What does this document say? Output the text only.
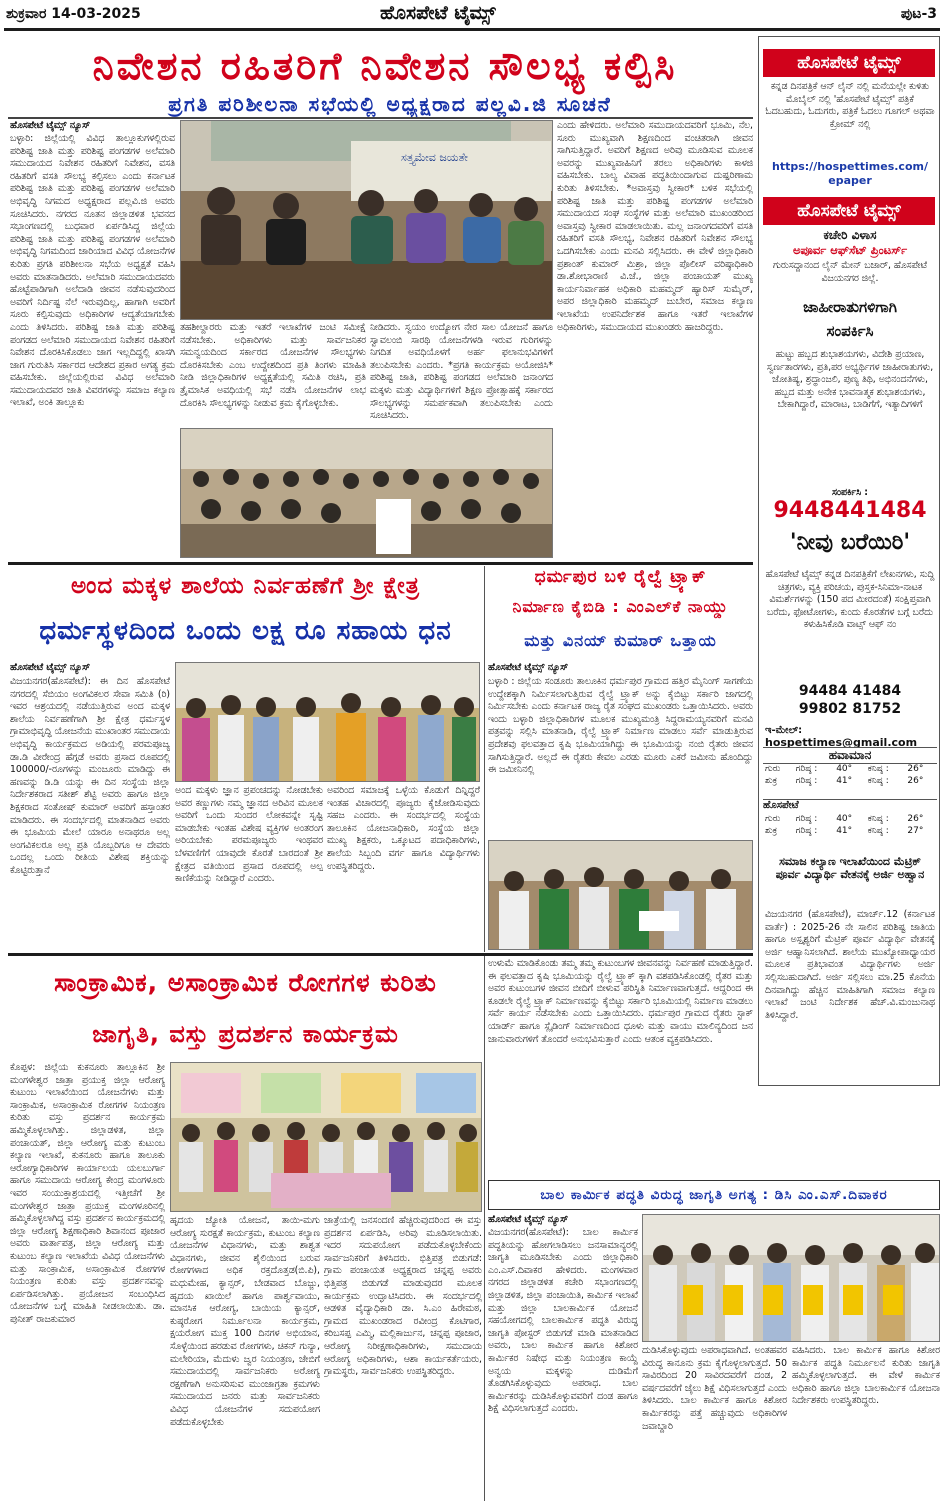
ಶುಕ್ರವಾರ 14-03-2025	ಹೊಸಪೇಟೆ ಟೈಮ್ಸ್	ಪುಟ-3
ನಿವೇಶನ ರಹಿತರಿಗೆ ನಿವೇಶನ ಸೌಲಭ್ಯ ಕಲ್ಪಿಸಿ
ಪ್ರಗತಿ ಪರಿಶೀಲನಾ ಸಭೆಯಲ್ಲಿ ಅಧ್ಯಕ್ಷರಾದ ಪಲ್ಲವಿ.ಜಿ ಸೂಚನೆ
ಹೊಸಪೇಟೆ ಟೈಮ್ಸ್ ನ್ಯೂಸ್
ಬಳ್ಳಾರಿ: ಜಿಲ್ಲೆಯಲ್ಲಿ ವಿವಿಧ ತಾಲ್ಲೂಕುಗಳಲ್ಲಿರುವ ಪರಿಶಿಷ್ಟ ಜಾತಿ ಮತ್ತು ಪರಿಶಿಷ್ಟ ಪಂಗಡಗಳ ಅಲೆಮಾರಿ ಸಮುದಾಯದ ನಿವೇಶನ ರಹಿತರಿಗೆ ನಿವೇಶನ, ವಸತಿ ರಹಿತರಿಗೆ ವಸತಿ ಸೌಲಭ್ಯ ಕಲ್ಪಿಸಲು ಎಂದು ಕರ್ನಾಟಕ ಪರಿಶಿಷ್ಟ ಜಾತಿ ಮತ್ತು ಪರಿಶಿಷ್ಟ ಪಂಗಡಗಳ ಅಲೆಮಾರಿ ಅಭಿವೃದ್ಧಿ ನಿಗಮದ ಅಧ್ಯಕ್ಷರಾದ ಪಲ್ಲವಿ.ಜಿ ಅವರು ಸೂಚಿಸಿದರು. ನಗರದ ನೂತನ ಜಿಲ್ಲಾಡಳಿತ ಭವನದ ಸಭಾಂಗಣದಲ್ಲಿ ಬುಧವಾರ ಏರ್ಪಡಿಸಿದ್ದ ಜಿಲ್ಲೆಯ ಪರಿಶಿಷ್ಟ ಜಾತಿ ಮತ್ತು ಪರಿಶಿಷ್ಟ ಪಂಗಡಗಳ ಅಲೆಮಾರಿ ಅಭಿವೃದ್ಧಿ ನಿಗಮದಿಂದ ಜಾರಿಯಾದ ವಿವಿಧ ಯೋಜನೆಗಳ ಕುರಿತು ಪ್ರಗತಿ ಪರಿಶೀಲನಾ ಸಭೆಯ ಅಧ್ಯಕ್ಷತೆ ವಹಿಸಿ ಅವರು ಮಾತನಾಡಿದರು. ಅಲೆಮಾರಿ ಸಮುದಾಯದವರು ಹೊಟ್ಟೆಪಾಡಿಗಾಗಿ ಅಲೆದಾಡಿ ಜೀವನ ನಡೆಸುವುದರಿಂದ ಅವರಿಗೆ ನಿರ್ದಿಷ್ಟ ನೆಲೆ ಇರುವುದಿಲ್ಲ, ಹಾಗಾಗಿ ಅವರಿಗೆ ಸೂರು ಕಲ್ಪಿಸುವುದು ಅಧಿಕಾರಿಗಳ ಆದ್ಯತೆಯಾಗಬೇಕು ಎಂದು ತಿಳಿಸಿದರು. ಪರಿಶಿಷ್ಟ ಜಾತಿ ಮತ್ತು ಪರಿಶಿಷ್ಟ ಪಂಗಡದ ಅಲೆಮಾರಿ ಸಮುದಾಯದ ನಿವೇಶನ ರಹಿತರಿಗೆ ನಿವೇಶನ ದೊರಕಿಸಿಕೊಡಲು ಜಾಗ ಇಲ್ಲದಿದ್ದಲ್ಲಿ ಖಾಸಗಿ ಜಾಗ ಗುರುತಿಸಿ ಸರ್ಕಾರದ ಆದೇಶದ ಪ್ರಕಾರ ಅಗತ್ಯ ಕ್ರಮ ವಹಿಸಬೇಕು. ಜಿಲ್ಲೆಯಲ್ಲಿರುವ ವಿವಿಧ ಅಲೆಮಾರಿ ಸಮುದಾಯದವರ ಜಾತಿ ವಿವರಗಳನ್ನು ಸಮಾಜ ಕಲ್ಯಾಣ ಇಲಾಖೆ, ಅಂಕಿ ತಾಲ್ಲೂಕು
ಸತ್ತ್ಯಮೇವ ಜಯತೇ
ತಹಶೀಲ್ದಾರರು ಮತ್ತು ಇತರೆ ಇಲಾಖೆಗಳ ಜಂಟಿ ಸಮೀಕ್ಷೆ ನಡೆಸಬೇಕು. ಅಧಿಕಾರಿಗಳು ಮತ್ತು ಸಾರ್ವಜನಿಕರ ಸಮನ್ವಯದಿಂದ ಸರ್ಕಾರದ ಯೋಜನೆಗಳ ಸೌಲಭ್ಯಗಳು ದೊರಕಿಸಬೇಕು ಎಂಬ ಉದ್ದೇಶದಿಂದ ಪ್ರತಿ ತಿಂಗಳು ಮಾಹಿತಿ ನೀಡಿ ಜಿಲ್ಲಾಧಿಕಾರಿಗಳ ಅಧ್ಯಕ್ಷತೆಯಲ್ಲಿ ಸಮಿತಿ ರಚಿಸಿ, ಪ್ರತಿ ತ್ರೈಮಾಸಿಕ ಅವಧಿಯಲ್ಲಿ ಸಭೆ ನಡೆಸಿ ಯೋಜನೆಗಳ ಲಾಭ ದೊರಕಿಸಿ ಸೌಲಭ್ಯಗಳನ್ನು ನೀಡುವ ಕ್ರಮ ಕೈಗೊಳ್ಳಬೇಕು.
ನೀಡಿದರು. ಸ್ವಯಂ ಉದ್ಯೋಗ ನೇರ ಸಾಲ ಯೋಜನೆ ಹಾಗೂ ಸ್ವಾವಲಂಬಿ ಸಾರಥಿ ಯೋಜನೆಗಳಡಿ ಇರುವ ಗುರಿಗಳನ್ನು ನಿಗದಿತ ಅವಧಿಯೊಳಗೆ ಅರ್ಹ ಫಲಾನುಭವಿಗಳಿಗೆ ತಲುಪಿಸಬೇಕು ಎಂದರು. *ಪ್ರಗತಿ ಕಾರ್ಯಕ್ರಮ ಅಯೋಜಿಸಿ* ಪರಿಶಿಷ್ಟ ಜಾತಿ, ಪರಿಶಿಷ್ಟ ಪಂಗಡದ ಅಲೆಮಾರಿ ಜನಾಂಗದ ಮಕ್ಕಳು ಮತ್ತು ವಿದ್ಯಾರ್ಥಿಗಳಿಗೆ ಶಿಕ್ಷಣ ಪ್ರೋತ್ಸಾಹಕ್ಕೆ ಸರ್ಕಾರದ ಸೌಲಭ್ಯಗಳನ್ನು ಸಮರ್ಪಕವಾಗಿ ತಲುಪಿಸಬೇಕು ಎಂದು ಸೂಚಿಸಿದರು.
ಎಂದು ಹೇಳಿದರು. ಅಲೆಮಾರಿ ಸಮುದಾಯದವರಿಗೆ ಭೂಮಿ, ನೆಲ, ಸೂರು ಮುಖ್ಯವಾಗಿ ಶಿಕ್ಷಣದಿಂದ ವಂಚಿತರಾಗಿ ಜೀವನ ಸಾಗಿಸುತ್ತಿದ್ದಾರೆ. ಅವರಿಗೆ ಶಿಕ್ಷಣದ ಅರಿವು ಮೂಡಿಸುವ ಮೂಲಕ ಅವರನ್ನು ಮುಖ್ಯವಾಹಿನಿಗೆ ತರಲು ಅಧಿಕಾರಿಗಳು ಕಾಳಜಿ ವಹಿಸಬೇಕು. ಬಾಲ್ಯ ವಿವಾಹ ಪದ್ಧತಿಯಿಂದಾಗುವ ದುಷ್ಪರಿಣಾಮ ಕುರಿತು ತಿಳಿಸಬೇಕು. *ಅವಾಸ್ತವು ಸ್ವೀಕಾರ* ಬಳಿಕ ಸಭೆಯಲ್ಲಿ ಪರಿಶಿಷ್ಟ ಜಾತಿ ಮತ್ತು ಪರಿಶಿಷ್ಟ ಪಂಗಡಗಳ ಅಲೆಮಾರಿ ಸಮುದಾಯದ ಸಂಘ ಸಂಸ್ಥೆಗಳ ಮತ್ತು ಅಲೆಮಾರಿ ಮುಖಂಡರಿಂದ ಅವಾಸ್ತವು ಸ್ವೀಕಾರ ಮಾಡಲಾಯಿತು. ಮಲ್ಲ ಜನಾಂಗದವರಿಗೆ ವಸತಿ ರಹಿತರಿಗೆ ವಸತಿ ಸೌಲಭ್ಯ, ನಿವೇಶನ ರಹಿತರಿಗೆ ನಿವೇಶನ ಸೌಲಭ್ಯ ಒದಗಿಸಬೇಕು ಎಂದು ಮನವಿ ಸಲ್ಲಿಸಿದರು. ಈ ವೇಳೆ ಜಿಲ್ಲಾಧಿಕಾರಿ ಪ್ರಶಾಂತ್ ಕುಮಾರ್ ಮಿಶ್ರಾ, ಜಿಲ್ಲಾ ಪೊಲೀಸ್ ವರಿಷ್ಠಾಧಿಕಾರಿ ಡಾ.ಶೋಭಾರಾಣಿ ವಿ.ಜೆ., ಜಿಲ್ಲಾ ಪಂಚಾಯತ್ ಮುಖ್ಯ ಕಾರ್ಯನಿರ್ವಾಹಕ ಅಧಿಕಾರಿ ಮಹಮ್ಮದ್ ಹ್ಯಾರಿಸ್ ಸುಮೈರ್, ಅಪರ ಜಿಲ್ಲಾಧಿಕಾರಿ ಮಹಮ್ಮದ್ ಜುಬೇರ, ಸಮಾಜ ಕಲ್ಯಾಣ ಇಲಾಖೆಯ ಉಪನಿರ್ದೇಶಕ ಹಾಗೂ ಇತರೆ ಇಲಾಖೆಗಳ ಅಧಿಕಾರಿಗಳು, ಸಮುದಾಯದ ಮುಖಂಡರು ಹಾಜರಿದ್ದರು.
ಹೊಸಪೇಟೆ ಟೈಮ್ಸ್
ಕನ್ನಡ ದಿನಪತ್ರಿಕೆ ಆನ್ ಲೈನ್ ನಲ್ಲಿ ಮನೆಯಲ್ಲೇ ಕುಳಿತು ಮೊಬೈಲ್ ನಲ್ಲಿ 'ಹೊಸಪೇಟೆ ಟೈಮ್ಸ್' ಪತ್ರಿಕೆ ಓದಬಹುದು, ಓದುಗರು, ಪತ್ರಿಕೆ ಓದಲು ಗೂಗಲ್ ಅಥವಾ ಕ್ರೋಮ್ ನಲ್ಲಿ
https://hospettimes.com/
epaper
ಹೊಸಪೇಟೆ ಟೈಮ್ಸ್
ಕಚೇರಿ ವಿಳಾಸ
ಅಪೂರ್ವ ಆಫ್‌ಸೆಟ್ ಪ್ರಿಂಟರ್ಸ್
ಗುರುಸದ್ದಾನಂದ ಲೈನ್ ಮೇನ್ ಬಜಾರ್, ಹೊಸಪೇಟೆ ವಿಜಯನಗರ ಜಿಲ್ಲೆ.
ಜಾಹೀರಾತುಗಳಿಗಾಗಿ
ಸಂಪರ್ಕಿಸಿ
ಹುಟ್ಟು ಹಬ್ಬದ ಶುಭಾಶಯಗಳು, ವಿದೇಶಿ ಪ್ರಯಾಣ, ಸ್ವರ್ಣತಾರಗಳು, ಪ್ರತಿ,ಪರ ಅಭ್ಯರ್ಥಿಗಳ ಜಾಹೀರಾತುಗಳು, ಜೋತಿಷ್ಯ, ಶ್ರದ್ಧಾಂಜಲಿ, ಪುಣ್ಯ ತಿಥಿ, ಅಭಿನಂದನೆಗಳು, ಹಬ್ಬದ ಮತ್ತು ಅನೇಕ ಭಾವನಾತ್ಮಕ ಶುಭಾಶಯಗಳು, ಬೇಕಾಗಿದ್ದಾರೆ, ಮಾರಾಟ, ಬಾಡಿಗೆಗೆ, ಇತ್ಯಾದಿಗಳಿಗೆ
ಸಂಪರ್ಕಿಸಿ :
9448441484
'ನೀವು ಬರೆಯಿರಿ'
ಹೊಸಪೇಟೆ ಟೈಮ್ಸ್ ಕನ್ನಡ ದಿನಪತ್ರಿಕೆಗೆ ಲೇಖನಗಳು, ಸುದ್ದಿ ಚಿತ್ರಗಳು, ವ್ಯಕ್ತಿ ಪರಿಚಯ, ಪುಸ್ತಕ-ಸಿನಿಮಾ-ನಾಟಕ ವಿಮರ್ಶೆಗಳನ್ನು (150 ಪದ ಮೀರದಂತೆ) ಸಂಕ್ಷಿಪ್ತವಾಗಿ ಬರೆದು, ಫೋಟೋಗಳು, ಕುಂದು ಕೊರತೆಗಳ ಬಗ್ಗೆ ಬರೆದು ಕಳುಹಿಸಿಕೊಡಿ ವಾಟ್ಸ್ ಆಫ್ ನಂ
94484 41484
99802 81752
ಇ-ಮೇಲ್: hospettimes@gmail.com
ಹವಾಮಾನ
ಗುರು	ಗರಿಷ್ಠ :	40°	ಕನಿಷ್ಠ :	26°
ಶುಕ್ರ	ಗರಿಷ್ಠ :	41°	ಕನಿಷ್ಠ :	26°
ಹೊಸಪೇಟೆ
ಗುರು	ಗರಿಷ್ಠ :	40°	ಕನಿಷ್ಠ :	26°
ಶುಕ್ರ	ಗರಿಷ್ಠ :	41°	ಕನಿಷ್ಠ :	27°
ಸಮಾಜ ಕಲ್ಯಾಣ ಇಲಾಖೆಯಿಂದ ಮೆಟ್ರಿಕ್ ಪೂರ್ವ ವಿದ್ಯಾರ್ಥಿ ವೇತನಕ್ಕೆ ಅರ್ಜಿ ಅಹ್ವಾನ
ವಿಜಯನಗರ (ಹೊಸಪೇಟೆ), ಮಾರ್ಚ್.12 (ಕರ್ನಾಟಕ ವಾರ್ತೆ) : 2025-26 ನೇ ಸಾಲಿನ ಪರಿಶಿಷ್ಟ ಜಾತಿಯ ಹಾಗೂ ಅಸ್ಪೃಶ್ಯರಿಗೆ ಮೆಟ್ರಿಕ್ ಪೂರ್ವ ವಿದ್ಯಾರ್ಥಿ ವೇತನಕ್ಕೆ ಅರ್ಜಿ ಆಹ್ವಾನಿಸಲಾಗಿದೆ. ಶಾಲೆಯ ಮುಖ್ಯೋಪಾಧ್ಯಾಯರ ಮೂಲಕ ಪ್ರತಿಭಾವಂತ ವಿದ್ಯಾರ್ಥಿಗಳು ಅರ್ಜಿ ಸಲ್ಲಿಸಬಹುದಾಗಿದೆ. ಅರ್ಜಿ ಸಲ್ಲಿಸಲು ಮಾ.25 ಕೊನೆಯ ದಿನವಾಗಿದ್ದು ಹೆಚ್ಚಿನ ಮಾಹಿತಿಗಾಗಿ ಸಮಾಜ ಕಲ್ಯಾಣ ಇಲಾಖೆ ಜಂಟಿ ನಿರ್ದೇಶಕ ಹೆಚ್.ವಿ.ಮಂಜುನಾಥ ತಿಳಿಸಿದ್ದಾರೆ.
ಅಂದ ಮಕ್ಕಳ ಶಾಲೆಯ ನಿರ್ವಹಣೆಗೆ ಶ್ರೀ ಕ್ಷೇತ್ರ
ಧರ್ಮಸ್ಥಳದಿಂದ ಒಂದು ಲಕ್ಷ ರೂ ಸಹಾಯ ಧನ
ಹೊಸಪೇಟೆ ಟೈಮ್ಸ್ ನ್ಯೂಸ್
ವಿಜಯನಗರ(ಹೊಸಪೇಟೆ): ಈ ದಿನ ಹೊಸಪೇಟೆ ನಗರದಲ್ಲಿ ಸೆಬಿಯಂ ಅಂಗವಿಕಲರ ಸೇವಾ ಸಮಿತಿ (ರಿ) ಇವರ ಆಶ್ರಯದಲ್ಲಿ ನಡೆಯುತ್ತಿರುವ ಅಂದ ಮಕ್ಕಳ ಶಾಲೆಯ ನಿರ್ವಹಣೆಗಾಗಿ ಶ್ರೀ ಕ್ಷೇತ್ರ ಧರ್ಮಸ್ಥಳ ಗ್ರಾಮಾಭಿವೃದ್ಧಿ ಯೋಜನೆಯ ಮುಖಾಂತರ ಸಮುದಾಯ ಅಭಿವೃದ್ಧಿ ಕಾರ್ಯಕ್ರಮದ ಅಡಿಯಲ್ಲಿ ಪರಮಪೂಜ್ಯ ಡಾ.ಡಿ ವೀರೇಂದ್ರ ಹೆಗ್ಗಡೆ ಅವರು ಪ್ರಸಾದ ರೂಪದಲ್ಲಿ 100000/-ರೂಗಳನ್ನು ಮಂಜೂರು ಮಾಡಿದ್ದು ಈ ಹಣವನ್ನು ಡಿ.ಡಿ ಯನ್ನು ಈ ದಿನ ಸಂಸ್ಥೆಯ ಜಿಲ್ಲಾ ನಿರ್ದೇಶಕರಾದ ಸತೀಶ್ ಶೆಟ್ಟಿ ಅವರು ಹಾಗೂ ಜಿಲ್ಲಾ ಶಿಕ್ಷಕರಾದ ಸಂತೋಷ್ ಕುಮಾರ್ ಅವರಿಗೆ ಹಸ್ತಾಂತರ ಮಾಡಿದರು. ಈ ಸಂದರ್ಭದಲ್ಲಿ ಮಾತನಾಡಿದ ಅವರು ಈ ಭೂಮಿಯ ಮೇಲೆ ಯಾರೂ ಅನಾಥರೂ ಅಲ್ಲ ಅಂಗವಿಕಲರೂ ಅಲ್ಲ ಪ್ರತಿ ಯೊಬ್ಬರಿಗೂ ಆ ದೇವರು ಒಂದಲ್ಲ ಒಂದು ರೀತಿಯ ವಿಶೇಷ ಶಕ್ತಿಯನ್ನು ಕೊಟ್ಟಿರುತ್ತಾನೆ
ಅಂದ ಮಕ್ಕಳು ಜ್ಞಾನ ಪ್ರಪಂಚದನ್ನು ನೋಡಬೇಕು ಅವರ ಕಣ್ಣುಗಳು ನಮ್ಮ ಜ್ಞಾನದ ಅರಿವಿನ ಮೂಲಕ ಅವರಿಗೆ ಒಂದು ಸುಂದರ ಲೋಕವನ್ನೇ ಸೃಷ್ಟಿ ಮಾಡಬೇಕು ಇಂತಹ ವಿಶೇಷ ವ್ಯಕ್ತಿಗಳ ಅಂತರಂಗ ಅರಿಯಬೇಕು ಪರಮಪೂಜ್ಯರು ಇಂಥವರ ಬೆಳವಣಿಗೆಗೆ ಯಾವುದೇ ಕೊರತೆ ಬಾರದಂತೆ ಶ್ರೀ ಕ್ಷೇತ್ರದ ವತಿಯಿಂದ ಪ್ರಸಾದ ರೂಪದಲ್ಲಿ ಅಲ್ಪ ಕಾಣಿಕೆಯನ್ನು ನೀಡಿದ್ದಾರೆ ಎಂದರು.
ಅವರಿಂದ ಸಮಾಜಕ್ಕೆ ಒಳ್ಳೆಯ ಕೊಡುಗೆ ದಿನ್ನಿದ್ದರೆ ಇಂತಹ ವಿಚಾರದಲ್ಲಿ ಪೂಜ್ಯರು ಕೈಜೋಡಿಸುವುದು ಸಹಜ ಎಂದರು. ಈ ಸಂದರ್ಭದಲ್ಲಿ ಸಂಸ್ಥೆಯ ತಾಲೂಕಿನ ಯೋಜನಾಧಿಕಾರಿ, ಸಂಸ್ಥೆಯ ಜಿಲ್ಲಾ ಮುಖ್ಯ ಶಿಕ್ಷಕರು, ಒಕ್ಕೂಟದ ಪದಾಧಿಕಾರಿಗಳು, ಶಾಲೆಯ ಸಿಬ್ಬಂದಿ ವರ್ಗ ಹಾಗೂ ವಿದ್ಯಾರ್ಥಿಗಳು ಉಪಸ್ಥಿತರಿದ್ದರು.
ಧರ್ಮಪುರ ಬಳಿ ರೈಲ್ವೆ ಟ್ರ್ಯಾಕ್
ನಿರ್ಮಾಣ ಕೈಬಿಡಿ : ಎಂಎಲ್‌ಕೆ ನಾಯ್ಡು
ಮತ್ತು ವಿನಯ್ ಕುಮಾರ್ ಒತ್ತಾಯ
ಹೊಸಪೇಟೆ ಟೈಮ್ಸ್ ನ್ಯೂಸ್
ಬಳ್ಳಾರಿ : ಜಿಲ್ಲೆಯ ಸಂಡೂರು ತಾಲೂಕಿನ ಧರ್ಮಪುರ ಗ್ರಾಮದ ಹತ್ತಿರ ಮೈನಿಂಗ್ ಸಾಗಣೆಯ ಉದ್ದೇಶಕ್ಕಾಗಿ ನಿರ್ಮಿಸಲಾಗುತ್ತಿರುವ ರೈಲ್ವೆ ಟ್ರ್ಯಾಕ್ ಅನ್ನು ಕೈಬಿಟ್ಟು ಸರ್ಕಾರಿ ಜಾಗದಲ್ಲಿ ನಿರ್ಮಿಸಬೇಕು ಎಂದು ಕರ್ನಾಟಕ ರಾಜ್ಯ ರೈತ ಸಂಘದ ಮುಖಂಡರು ಒತ್ತಾಯಿಸಿದರು. ಅವರು ಇಂದು ಬಳ್ಳಾರಿ ಜಿಲ್ಲಾಧಿಕಾರಿಗಳ ಮೂಲಕ ಮುಖ್ಯಮಂತ್ರಿ ಸಿದ್ದರಾಮಯ್ಯನವರಿಗೆ ಮನವಿ ಪತ್ರವನ್ನು ಸಲ್ಲಿಸಿ ಮಾತನಾಡಿ, ರೈಲ್ವೆ ಟ್ರ್ಯಾಕ್ ನಿರ್ಮಾಣ ಮಾಡಲು ಸರ್ವೆ ಮಾಡುತ್ತಿರುವ ಪ್ರದೇಶವು ಫಲವತ್ತಾದ ಕೃಷಿ ಭೂಮಿಯಾಗಿದ್ದು ಈ ಭೂಮಿಯನ್ನು ನಂಬಿ ರೈತರು ಜೀವನ ಸಾಗಿಸುತ್ತಿದ್ದಾರೆ. ಅಲ್ಲದೆ ಈ ರೈತರು ಕೇವಲ ಎರಡು ಮೂರು ಎಕರೆ ಜಮೀನು ಹೊಂದಿದ್ದು ಈ ಜಮೀನಿನಲ್ಲಿ
ಸಾಂಕ್ರಾಮಿಕ, ಅಸಾಂಕ್ರಾಮಿಕ ರೋಗಗಳ ಕುರಿತು
ಜಾಗೃತಿ, ವಸ್ತು ಪ್ರದರ್ಶನ ಕಾರ್ಯಕ್ರಮ
ಕೊಪ್ಪಳ: ಜಿಲ್ಲೆಯ ಕುಕನೂರು ತಾಲ್ಲೂಕಿನ ಶ್ರೀ ಮಂಗಳೇಶ್ವರ ಜಾತ್ರಾ ಪ್ರಯುಕ್ತ ಜಿಲ್ಲಾ ಆರೋಗ್ಯ ಕುಟುಂಬ ಇಲಾಖೆಯಿಂದ ಯೋಜನೆಗಳು ಮತ್ತು ಸಾಂಕ್ರಾಮಿಕ, ಅಸಾಂಕ್ರಾಮಿಕ ರೋಗಗಳ ನಿಯಂತ್ರಣ ಕುರಿತು ವಸ್ತು ಪ್ರದರ್ಶನ ಕಾರ್ಯಕ್ರಮ ಹಮ್ಮಿಕೊಳ್ಳಲಾಗಿತ್ತು. ಜಿಲ್ಲಾಡಳಿತ, ಜಿಲ್ಲಾ ಪಂಚಾಯತ್, ಜಿಲ್ಲಾ ಆರೋಗ್ಯ ಮತ್ತು ಕುಟುಂಬ ಕಲ್ಯಾಣ ಇಲಾಖೆ, ಕುಕನೂರು ಹಾಗೂ ತಾಲೂಕು ಆರೋಗ್ಯಾಧಿಕಾರಿಗಳ ಕಾರ್ಯಾಲಯ ಯಲಬುರ್ಗಾ ಹಾಗೂ ಸಮುದಾಯ ಆರೋಗ್ಯ ಕೇಂದ್ರ ಮಂಗಳೂರು ಇವರ ಸಂಯುಕ್ತಾಶ್ರಯದಲ್ಲಿ ಇತ್ತೀಚೆಗೆ ಶ್ರೀ ಮಂಗಳೇಶ್ವರ ಜಾತ್ರಾ ಪ್ರಯುಕ್ತ ಮಂಗಳೂರಿನಲ್ಲಿ ಹಮ್ಮಿಕೊಳ್ಳಲಾಗಿದ್ದ ವಸ್ತು ಪ್ರದರ್ಶನ ಕಾರ್ಯಕ್ರಮದಲ್ಲಿ ಜಿಲ್ಲಾ ಆರೋಗ್ಯ ಶಿಕ್ಷಣಾಧಿಕಾರಿ ಶಿವಾನಂದ ಪೂಜಾರ ಅವರು ವಾರ್ತಾಪತ್ರ, ಜಿಲ್ಲಾ ಆರೋಗ್ಯ ಮತ್ತು ಕುಟುಂಬ ಕಲ್ಯಾಣ ಇಲಾಖೆಯ ವಿವಿಧ ಯೋಜನೆಗಳು ಮತ್ತು ಸಾಂಕ್ರಾಮಿಕ, ಅಸಾಂಕ್ರಾಮಿಕ ರೋಗಗಳ ನಿಯಂತ್ರಣ ಕುರಿತು ವಸ್ತು ಪ್ರದರ್ಶನವನ್ನು ಏರ್ಪಡಿಸಲಾಗಿತ್ತು. ಪ್ರಯೋಜನ ಸಂಬಂಧಿಸಿದ ಯೋಜನೆಗಳ ಬಗ್ಗೆ ಮಾಹಿತಿ ನೀಡಲಾಯಿತು. ಡಾ. ಪುನೀತ್ ರಾಜಕುಮಾರ
ಹೃದಯ ಜ್ಯೋತಿ ಯೋಜನೆ, ತಾಯಿ-ಮಗು ಆರೋಗ್ಯ ಸುರಕ್ಷತೆ ಕಾರ್ಯಕ್ರಮ, ಕುಟುಂಬ ಕಲ್ಯಾಣ ಯೋಜನೆಗಳ ವಿಧಾನಗಳು, ಮತ್ತು ಶಾಶ್ವತ ವಿಧಾನಗಳು, ಜೀವನ ಶೈಲಿಯಿಂದ ಬರುವ ರೋಗಗಳಾದ ಅಧಿಕ ರಕ್ತದೊತ್ತಡ(ಬಿ.ಪಿ), ಮಧುಮೇಹ, ಕ್ಯಾನ್ಸರ್, ಬೇಡವಾದ ಬೊಜ್ಜು, ಹೃದಯ ಖಾಯಿಲೆ ಹಾಗೂ ಪಾರ್ಶ್ವವಾಯು, ಮಾನಸಿಕ ಆರೋಗ್ಯ, ಬಾಯಿಯ ಕ್ಯಾನ್ಸರ್, ಕುಷ್ಠರೋಗ ನಿರ್ಮೂಲನಾ ಕಾರ್ಯಕ್ರಮ, ಕ್ಷಯರೋಗ ಮುಕ್ತ 100 ದಿನಗಳ ಅಭಿಯಾನ, ಸೊಳ್ಳೆಯಿಂದ ಹರಡುವ ರೋಗಗಳು, ಚಿಕನ್ ಗುನ್ಯಾ, ಮಲೇರಿಯಾ, ಮೆದುಳು ಜ್ವರ ನಿಯಂತ್ರಣ, ಜೇಬಿಗೆ ಸಮುದಾಯದಲ್ಲಿ ಸಾರ್ವಜನಿಕರು ಅರೋಗ್ಯ ರಕ್ಷಣೆಗಾಗಿ ಅನುಸರಿಸುವ ಮುಂಜಾಗ್ರತಾ ಕ್ರಮಗಳು ಸಮುದಾಯದ ಜನರು ಮತ್ತು ಸಾರ್ವಜನಿಕರು ವಿವಿಧ ಯೋಜನೆಗಳ ಸದುಪಯೋಗ ಪಡೆದುಕೊಳ್ಳಬೇಕು
ಜಾತ್ರೆಯಲ್ಲಿ ಜನಸಂದಣಿ ಹೆಚ್ಚಿರುವುದರಿಂದ ಈ ವಸ್ತು ಪ್ರದರ್ಶನ ಏರ್ಪಡಿಸಿ, ಅರಿವು ಮೂಡಿಸಲಾಯಿತು. ಇದರ ಸದುಪಯೋಗ ಪಡೆದುಕೊಳ್ಳಬೇಕೆಂದು ಸಾರ್ವಜನಿಕರಿಗೆ ತಿಳಿಸಿದರು. ಭಿತ್ತಿಪತ್ರ ಬಿಡುಗಡೆ: ಗ್ರಾಮ ಪಂಚಾಯತ ಅಧ್ಯಕ್ಷರಾದ ಚನ್ನಪ್ಪ ಅವರು ಭಿತ್ತಿಪತ್ರ ಬಿಡುಗಡೆ ಮಾಡುವುದರ ಮೂಲಕ ಕಾರ್ಯಕ್ರಮ ಉದ್ಘಾಟಿಸಿದರು. ಈ ಸಂದರ್ಭದಲ್ಲಿ ಆಡಳಿತ ವೈದ್ಯಾಧಿಕಾರಿ ಡಾ. ಸಿ.ಎಂ ಹಿರೇಮಠ, ಗ್ರಾಮದ ಮುಖಂಡರಾದ ರವೀಂದ್ರ ಕೊಟಿಗಾರ, ಕರಿಬಸಪ್ಪ ಎಮ್ಮಿ, ಮಲ್ಲಿಕಾರ್ಜುನ, ಚನ್ನಪ್ಪ ಪೂಜಾರ, ಆರೋಗ್ಯ ನಿರೀಕ್ಷಣಾಧಿಕಾರಿಗಳು, ಸಮುದಾಯ ಆರೋಗ್ಯ ಅಧಿಕಾರಿಗಳು, ಆಶಾ ಕಾರ್ಯಕರ್ತೆಯರು, ಗ್ರಾಮಸ್ಥರು, ಸಾರ್ವಜನಿಕರು ಉಪಸ್ಥಿತರಿದ್ದರು.
ಉಳುಮೆ ಮಾಡಿಕೊಂಡು ತಮ್ಮ ತಮ್ಮ ಕುಟುಂಬಗಳ ಜೀವನವನ್ನು ನಿರ್ವಹಣೆ ಮಾಡುತ್ತಿದ್ದಾರೆ. ಈ ಫಲವತ್ತಾದ ಕೃಷಿ ಭೂಮಿಯನ್ನು ರೈಲ್ವೆ ಟ್ರ್ಯಾಕ್ ಕ್ಕಾಗಿ ವಶಪಡಿಸಿಕೊಂಡಲ್ಲಿ ರೈತರ ಮತ್ತು ಅವರ ಕುಟುಂಬಗಳ ಜೀವನ ಬೀದಿಗೆ ಬೀಳುವ ಪರಿಸ್ಥಿತಿ ನಿರ್ಮಾಣವಾಗುತ್ತದೆ. ಆದ್ದರಿಂದ ಈ ಕೂಡಲೇ ರೈಲ್ವೆ ಟ್ರ್ಯಾಕ್ ನಿರ್ಮಾಣವನ್ನು ಕೈಬಿಟ್ಟು ಸರ್ಕಾರಿ ಭೂಮಿಯಲ್ಲಿ ನಿರ್ಮಾಣ ಮಾಡಲು ಸರ್ವೆ ಕಾರ್ಯ ನಡೆಸಬೇಕು ಎಂದು ಒತ್ತಾಯಿಸಿದರು. ಧರ್ಮಪುರ ಗ್ರಾಮದ ರೈತರು ಸ್ಟಾಕ್ ಯಾರ್ಡ್ ಹಾಗೂ ಸ್ಲೈಡಿಂಗ್ ನಿರ್ಮಾಣದಿಂದ ಧೂಳು ಮತ್ತು ವಾಯು ಮಾಲಿನ್ಯದಿಂದ ಜನ ಜಾನುವಾರುಗಳಿಗೆ ತೊಂದರೆ ಅನುಭವಿಸುತ್ತಾರೆ ಎಂದು ಆತಂಕ ವ್ಯಕ್ತಪಡಿಸಿದರು.
ಬಾಲ ಕಾರ್ಮಿಕ ಪದ್ಧತಿ ವಿರುದ್ಧ ಜಾಗೃತಿ ಅಗತ್ಯ : ಡಿಸಿ ಎಂ.ಎಸ್.ದಿವಾಕರ
ಹೊಸಪೇಟೆ ಟೈಮ್ಸ್ ನ್ಯೂಸ್
ವಿಜಯನಗರ(ಹೊಸಪೇಟೆ): ಬಾಲ ಕಾರ್ಮಿಕ ಪದ್ಧತಿಯನ್ನು ಹೋಗಲಾಡಿಸಲು ಜನಸಾಮಾನ್ಯರಲ್ಲಿ ಜಾಗೃತಿ ಮೂಡಿಸಬೇಕು ಎಂದು ಜಿಲ್ಲಾಧಿಕಾರಿ ಎಂ.ಎಸ್.ದಿವಾಕರ ಹೇಳಿದರು. ಮಂಗಳವಾರ ನಗರದ ಜಿಲ್ಲಾಡಳಿತ ಕಚೇರಿ ಸಭಾಂಗಣದಲ್ಲಿ ಜಿಲ್ಲಾಡಳಿತ, ಜಿಲ್ಲಾ ಪಂಚಾಯಿತಿ, ಕಾರ್ಮಿಕ ಇಲಾಖೆ ಮತ್ತು ಜಿಲ್ಲಾ ಬಾಲಕಾರ್ಮಿಕ ಯೋಜನೆ ಸಹಯೋಗದಲ್ಲಿ ಬಾಲಕಾರ್ಮಿಕ ಪದ್ಧತಿ ವಿರುದ್ಧ ಜಾಗೃತಿ ಪೋಸ್ಟರ್ ಬಿಡುಗಡೆ ಮಾಡಿ ಮಾತನಾಡಿದ ಅವರು, ಬಾಲ ಕಾರ್ಮಿಕ ಹಾಗೂ ಕಿಶೋರ ಕಾರ್ಮಿಕರ ನಿಷೇಧ ಮತ್ತು ನಿಯಂತ್ರಣ ಕಾಯ್ದೆ ಅನ್ವಯ ಮಕ್ಕಳನ್ನು ದುಡಿಮೆಗೆ ತೊಡಗಿಸಿಕೊಳ್ಳುವುದು ಅಪರಾಧ. ಬಾಲ ಕಾರ್ಮಿಕರನ್ನು ದುಡಿಸಿಕೊಳ್ಳುವವರಿಗೆ ದಂಡ ಹಾಗೂ ಶಿಕ್ಷೆ ವಿಧಿಸಲಾಗುತ್ತದೆ ಎಂದರು.
ದುಡಿಸಿಕೊಳ್ಳುವುದು ಅಪರಾಧವಾಗಿದೆ. ಅಂತಹವರ ವಿರುದ್ಧ ಕಾನೂನು ಕ್ರಮ ಕೈಗೊಳ್ಳಲಾಗುತ್ತದೆ. 50 ಸಾವಿರದಿಂದ 20 ಸಾವಿರದವರೆಗೆ ದಂಡ, 2 ವರ್ಷದವರೆಗೆ ಜೈಲು ಶಿಕ್ಷೆ ವಿಧಿಸಲಾಗುತ್ತದೆ ಎಂದು ತಿಳಿಸಿದರು. ಬಾಲ ಕಾರ್ಮಿಕ ಹಾಗೂ ಕಿಶೋರ ಕಾರ್ಮಿಕರನ್ನು ಪತ್ತೆ ಹಚ್ಚುವುದು ಅಧಿಕಾರಿಗಳ ಜವಾಬ್ದಾರಿ
ವಹಿಸಿದರು. ಬಾಲ ಕಾರ್ಮಿಕ ಹಾಗೂ ಕಿಶೋರ ಕಾರ್ಮಿಕ ಪದ್ಧತಿ ನಿರ್ಮೂಲನೆ ಕುರಿತು ಜಾಗೃತಿ ಹಮ್ಮಿಕೊಳ್ಳಲಾಗುತ್ತದೆ. ಈ ವೇಳೆ ಕಾರ್ಮಿಕ ಅಧಿಕಾರಿ ಹಾಗೂ ಜಿಲ್ಲಾ ಬಾಲಕಾರ್ಮಿಕ ಯೋಜನಾ ನಿರ್ದೇಶಕರು ಉಪಸ್ಥಿತರಿದ್ದರು.
